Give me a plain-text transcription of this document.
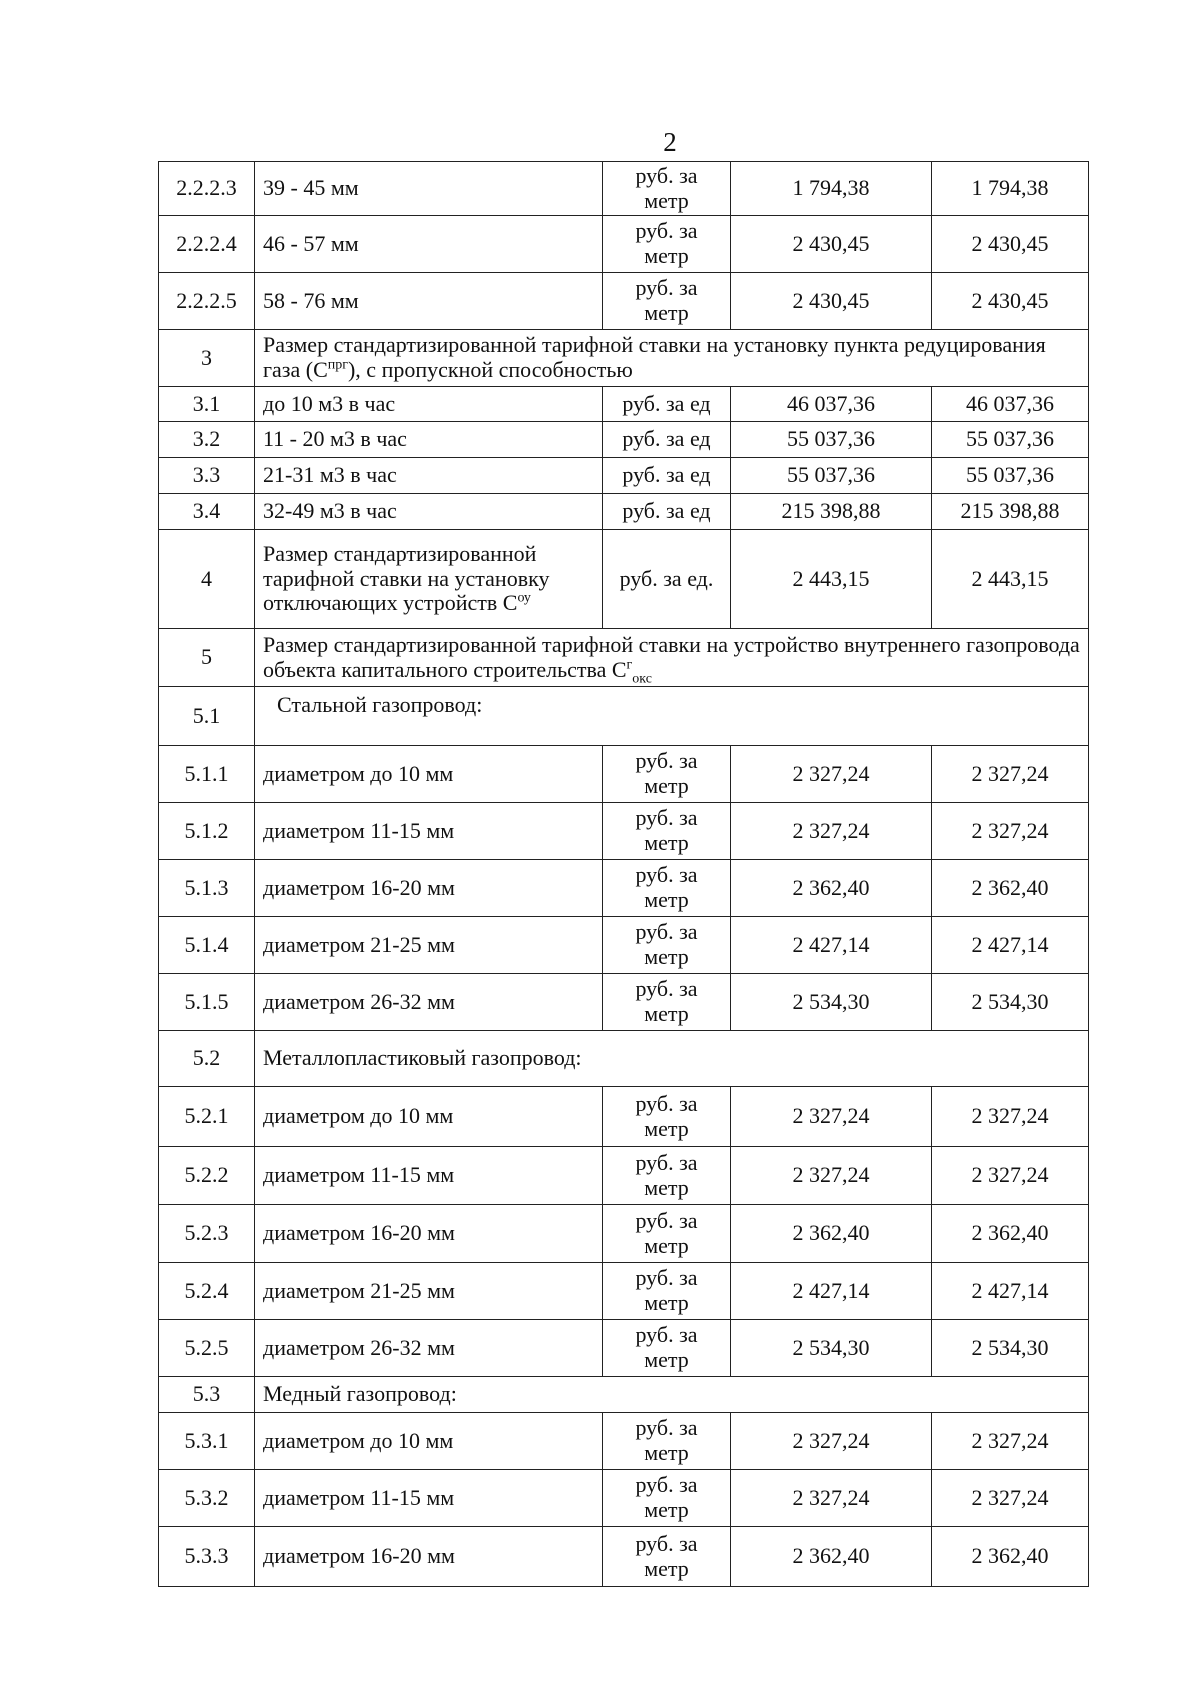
2
2.2.2.3	39 - 45 мм	руб. за метр	1 794,38	1 794,38
2.2.2.4	46 - 57 мм	руб. за метр	2 430,45	2 430,45
2.2.2.5	58 - 76 мм	руб. за метр	2 430,45	2 430,45
3	Размер стандартизированной тарифной ставки на установку пункта редуцирования газа $(С^{прг})$, с пропускной способностью			
3.1	до 10 м3 в час	руб. за ед	46 037,36	46 037,36
3.2	11 - 20 м3 в час	руб. за ед	55 037,36	55 037,36
3.3	21-31 м3 в час	руб. за ед	55 037,36	55 037,36
3.4	32-49 м3 в час	руб. за ед	215 398,88	215 398,88
4	Размер стандартизированной тарифной ставки на установку отключающих устройств $С^{оу}$	руб. за ед.	2 443,15	2 443,15
5	Размер стандартизированной тарифной ставки на устройство внутреннего газопровода объекта капитального строительства $С^г_{окс}$
5.1	Стальной газопровод:			
5.1.1	диаметром до 10 мм	руб. за метр	2 327,24	2 327,24
5.1.2	диаметром 11-15 мм	руб. за метр	2 327,24	2 327,24
5.1.3	диаметром 16-20 мм	руб. за метр	2 362,40	2 362,40
5.1.4	диаметром 21-25 мм	руб. за метр	2 427,14	2 427,14
5.1.5	диаметром 26-32 мм	руб. за метр	2 534,30	2 534,30
5.2	Металлопластиковый газопровод:			
5.2.1	диаметром до 10 мм	руб. за метр	2 327,24	2 327,24
5.2.2	диаметром 11-15 мм	руб. за метр	2 327,24	2 327,24
5.2.3	диаметром 16-20 мм	руб. за метр	2 362,40	2 362,40
5.2.4	диаметром 21-25 мм	руб. за метр	2 427,14	2 427,14
5.2.5	диаметром 26-32 мм	руб. за метр	2 534,30	2 534,30
5.3	Медный газопровод:			
5.3.1	диаметром до 10 мм	руб. за метр	2 327,24	2 327,24
5.3.2	диаметром 11-15 мм	руб. за метр	2 327,24	2 327,24
5.3.3	диаметром 16-20 мм	руб. за метр	2 362,40	2 362,40
